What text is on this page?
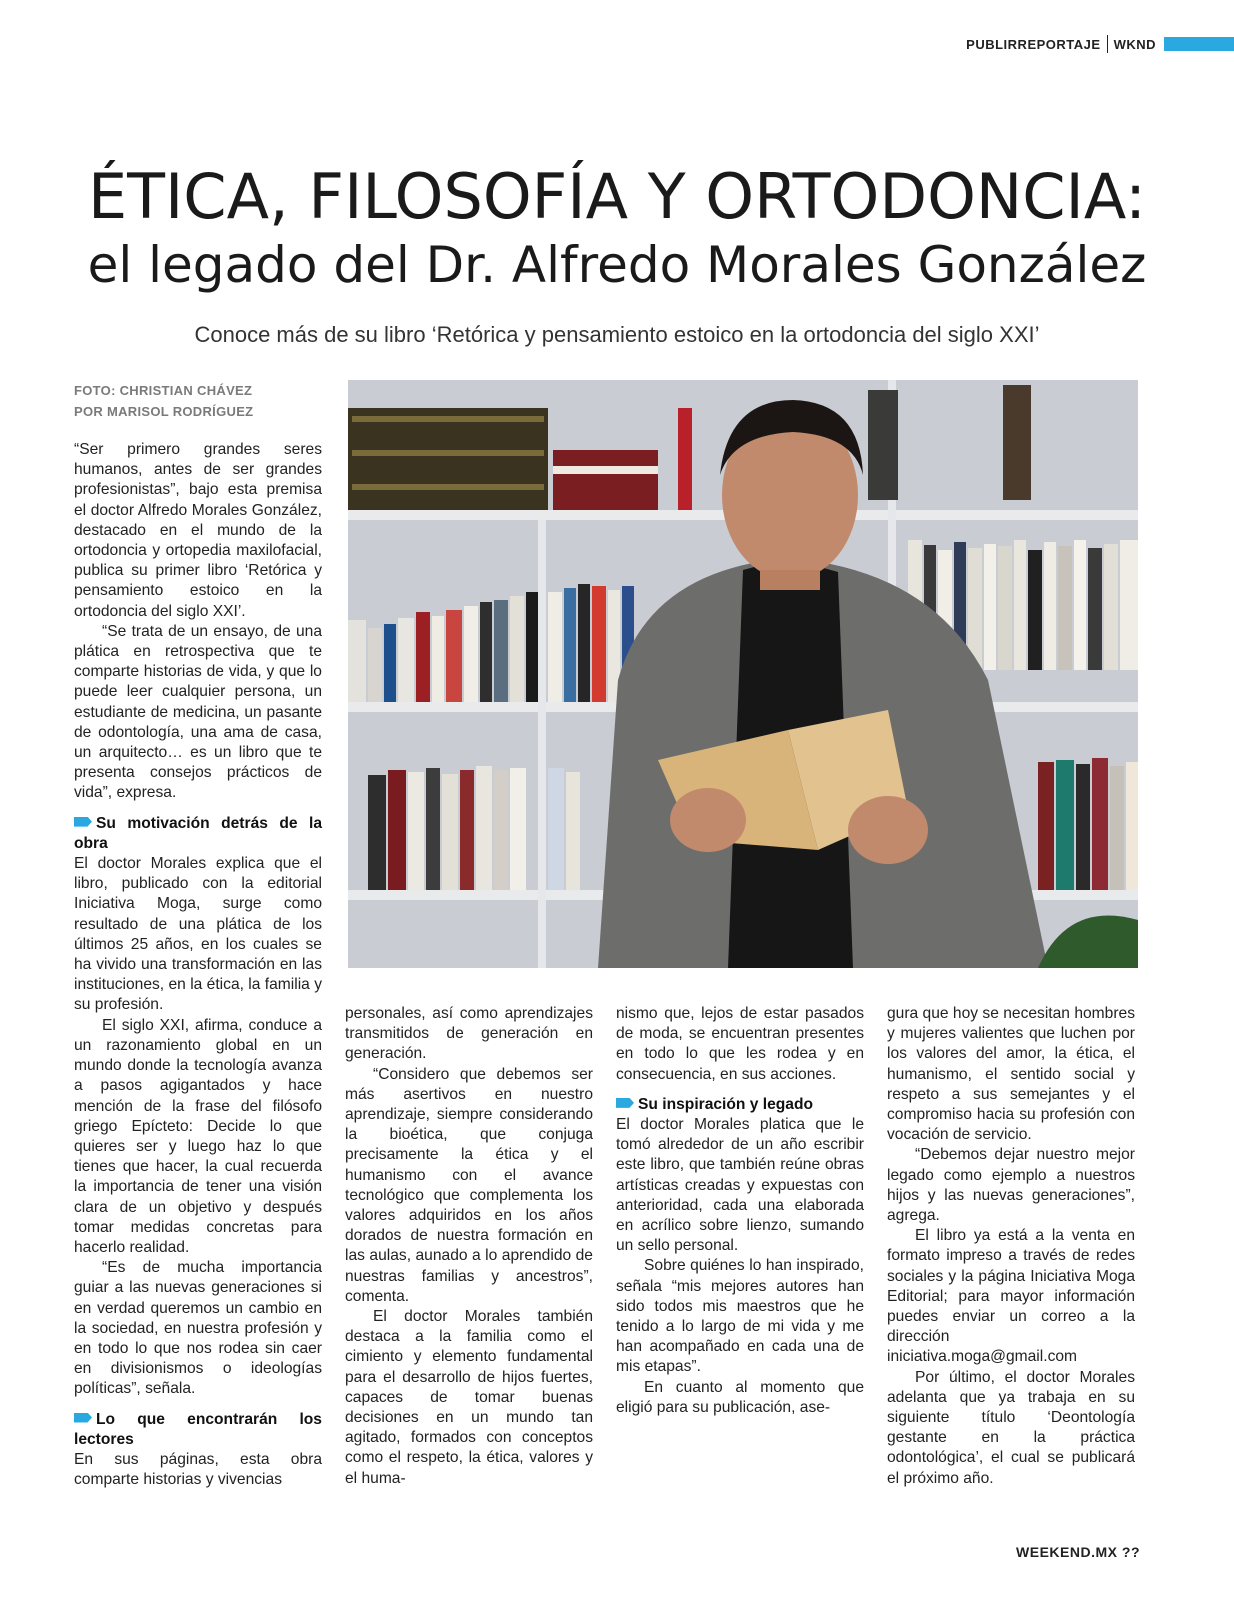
PUBLIRREPORTAJE WKND
ÉTICA, FILOSOFÍA Y ORTODONCIA:
el legado del Dr. Alfredo Morales González
Conoce más de su libro ‘Retórica y pensamiento estoico en la ortodoncia del siglo XXI’
FOTO: CHRISTIAN CHÁVEZ
POR MARISOL RODRÍGUEZ

“Ser primero grandes seres humanos, antes de ser grandes profesionistas”, bajo esta premisa el doctor Alfredo Morales González, destacado en el mundo de la ortodoncia y ortopedia maxilofacial, publica su primer libro ‘Retórica y pensamiento estoico en la ortodoncia del siglo XXI’.

“Se trata de un ensayo, de una plática en retrospectiva que te comparte historias de vida, y que lo puede leer cualquier persona, un estudiante de medicina, un pasante de odontología, una ama de casa, un arquitecto… es un libro que te presenta consejos prácticos de vida”, expresa.

Su motivación detrás de la obra

El doctor Morales explica que el libro, publicado con la editorial Iniciativa Moga, surge como resultado de una plática de los últimos 25 años, en los cuales se ha vivido una transformación en las instituciones, en la ética, la familia y su profesión.

El siglo XXI, afirma, conduce a un razonamiento global en un mundo donde la tecnología avanza a pasos agigantados y hace mención de la frase del filósofo griego Epícteto: Decide lo que quieres ser y luego haz lo que tienes que hacer, la cual recuerda la importancia de tener una visión clara de un objetivo y después tomar medidas concretas para hacerlo realidad.

“Es de mucha importancia guiar a las nuevas generaciones si en verdad queremos un cambio en la sociedad, en nuestra profesión y en todo lo que nos rodea sin caer en divisionismos o ideologías políticas”, señala.

Lo que encontrarán los lectores

En sus páginas, esta obra comparte historias y vivencias

personales, así como aprendizajes transmitidos de generación en generación.

“Considero que debemos ser más asertivos en nuestro aprendizaje, siempre considerando la bioética, que conjuga precisamente la ética y el humanismo con el avance tecnológico que complementa los valores adquiridos en los años dorados de nuestra formación en las aulas, aunado a lo aprendido de nuestras familias y ancestros”, comenta.

El doctor Morales también destaca a la familia como el cimiento y elemento fundamental para el desarrollo de hijos fuertes, capaces de tomar buenas decisiones en un mundo tan agitado, formados con conceptos como el respeto, la ética, valores y el huma-

nismo que, lejos de estar pasados de moda, se encuentran presentes en todo lo que les rodea y en consecuencia, en sus acciones.

Su inspiración y legado

El doctor Morales platica que le tomó alrededor de un año escribir este libro, que también reúne obras artísticas creadas y expuestas con anterioridad, cada una elaborada en acrílico sobre lienzo, sumando un sello personal.

Sobre quiénes lo han inspirado, señala “mis mejores autores han sido todos mis maestros que he tenido a lo largo de mi vida y me han acompañado en cada una de mis etapas”.

En cuanto al momento que eligió para su publicación, ase-

gura que hoy se necesitan hombres y mujeres valientes que luchen por los valores del amor, la ética, el humanismo, el sentido social y respeto a sus semejantes y el compromiso hacia su profesión con vocación de servicio.

“Debemos dejar nuestro mejor legado como ejemplo a nuestros hijos y las nuevas generaciones”, agrega.

El libro ya está a la venta en formato impreso a través de redes sociales y la página Iniciativa Moga Editorial; para mayor información puedes enviar un correo a la dirección iniciativa.moga@gmail.com

Por último, el doctor Morales adelanta que ya trabaja en su siguiente título ‘Deontología gestante en la práctica odontológica’, el cual se publicará el próximo año.

WEEKEND.MX ??
